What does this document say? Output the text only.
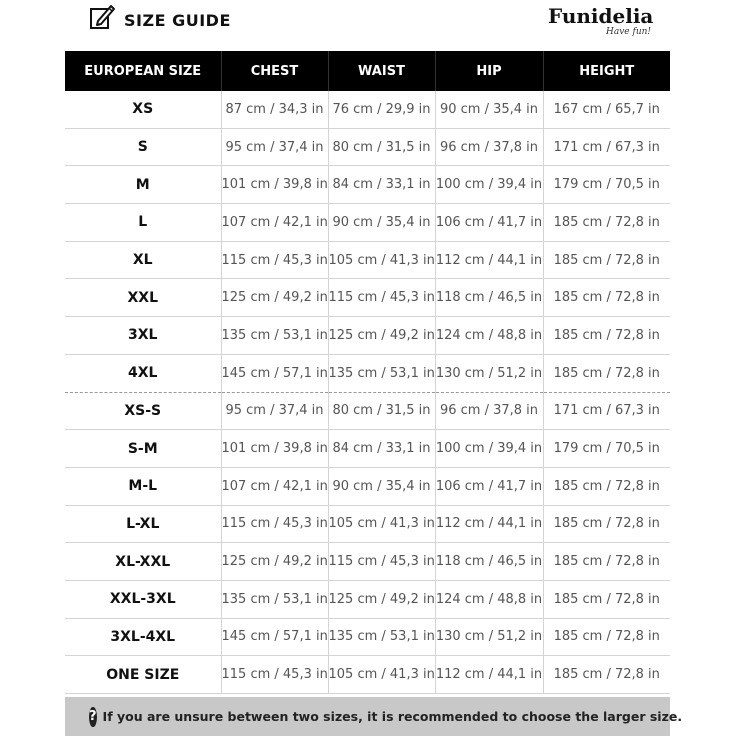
SIZE GUIDE	Funidelia
Have fun!
EUROPEAN SIZE	CHEST	WAIST	HIP	HEIGHT
XS	87 cm / 34,3 in	76 cm / 29,9 in	90 cm / 35,4 in	167 cm / 65,7 in
S	95 cm / 37,4 in	80 cm / 31,5 in	96 cm / 37,8 in	171 cm / 67,3 in
M	101 cm / 39,8 in	84 cm / 33,1 in	100 cm / 39,4 in	179 cm / 70,5 in
L	107 cm / 42,1 in	90 cm / 35,4 in	106 cm / 41,7 in	185 cm / 72,8 in
XL	115 cm / 45,3 in	105 cm / 41,3 in	112 cm / 44,1 in	185 cm / 72,8 in
XXL	125 cm / 49,2 in	115 cm / 45,3 in	118 cm / 46,5 in	185 cm / 72,8 in
3XL	135 cm / 53,1 in	125 cm / 49,2 in	124 cm / 48,8 in	185 cm / 72,8 in
4XL	145 cm / 57,1 in	135 cm / 53,1 in	130 cm / 51,2 in	185 cm / 72,8 in
XS-S	95 cm / 37,4 in	80 cm / 31,5 in	96 cm / 37,8 in	171 cm / 67,3 in
S-M	101 cm / 39,8 in	84 cm / 33,1 in	100 cm / 39,4 in	179 cm / 70,5 in
M-L	107 cm / 42,1 in	90 cm / 35,4 in	106 cm / 41,7 in	185 cm / 72,8 in
L-XL	115 cm / 45,3 in	105 cm / 41,3 in	112 cm / 44,1 in	185 cm / 72,8 in
XL-XXL	125 cm / 49,2 in	115 cm / 45,3 in	118 cm / 46,5 in	185 cm / 72,8 in
XXL-3XL	135 cm / 53,1 in	125 cm / 49,2 in	124 cm / 48,8 in	185 cm / 72,8 in
3XL-4XL	145 cm / 57,1 in	135 cm / 53,1 in	130 cm / 51,2 in	185 cm / 72,8 in
ONE SIZE	115 cm / 45,3 in	105 cm / 41,3 in	112 cm / 44,1 in	185 cm / 72,8 in
? If you are unsure between two sizes, it is recommended to choose the larger size.
